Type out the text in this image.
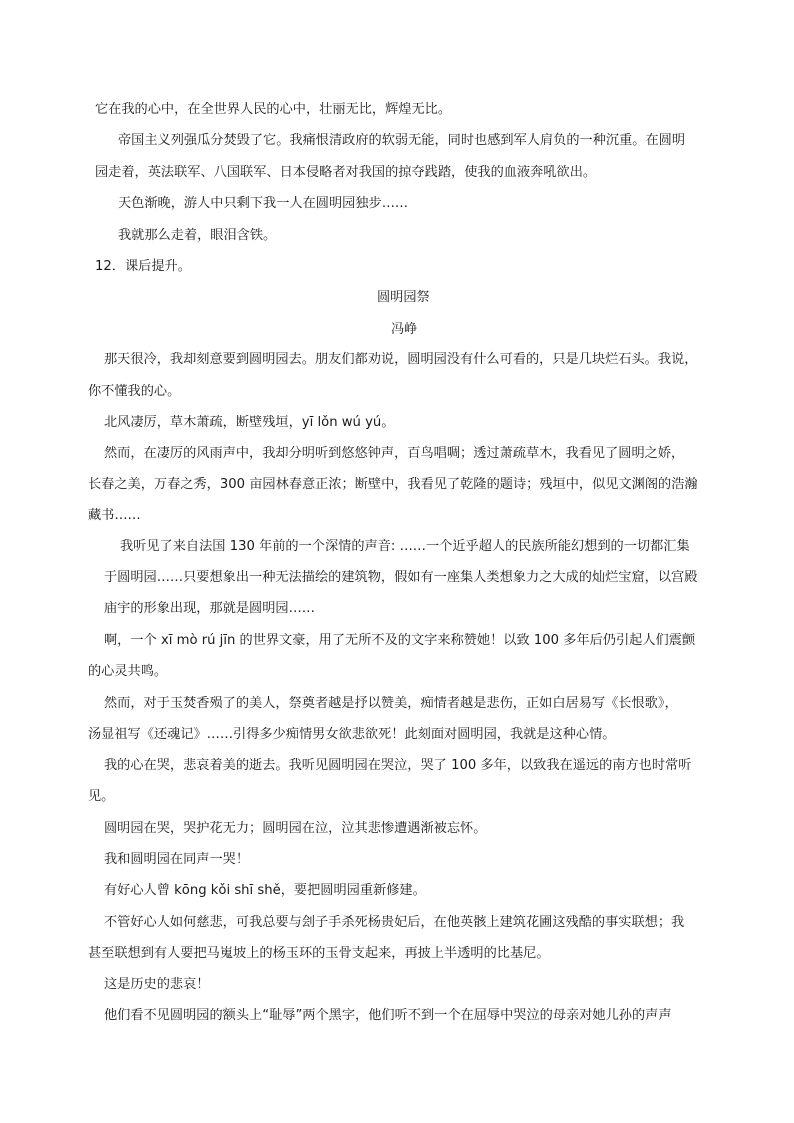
它在我的心中，在全世界人民的心中，壮丽无比，辉煌无比。
帝国主义列强瓜分焚毁了它。我痛恨清政府的软弱无能，同时也感到军人肩负的一种沉重。在圆明
园走着，英法联军、八国联军、日本侵略者对我国的掠夺践踏，使我的血液奔吼欲出。
天色渐晚，游人中只剩下我一人在圆明园独步……
我就那么走着，眼泪含铁。
12．课后提升。
圆明园祭
冯峥
那天很冷，我却刻意要到圆明园去。朋友们都劝说，圆明园没有什么可看的，只是几块烂石头。我说，
你不懂我的心。
北风凄厉，草木萧疏，断壁残垣，yī lǒn wú yú。
然而，在凄厉的风雨声中，我却分明听到悠悠钟声，百鸟唱啁；透过萧疏草木，我看见了圆明之娇，
长春之美，万春之秀，300 亩园林春意正浓；断壁中，我看见了乾隆的题诗；残垣中，似见文渊阁的浩瀚
藏书……
我听见了来自法国 130 年前的一个深情的声音: ……一个近乎超人的民族所能幻想到的一切都汇集
于圆明园……只要想象出一种无法描绘的建筑物，假如有一座集人类想象力之大成的灿烂宝窟，以宫殿
庙宇的形象出现，那就是圆明园……
啊，一个 xī mò rú jīn 的世界文豪，用了无所不及的文字来称赞她！以致 100 多年后仍引起人们震颤
的心灵共鸣。
然而，对于玉焚香殒了的美人，祭奠者越是抒以赞美，痴情者越是悲伤，正如白居易写《长恨歌》，
汤显祖写《还魂记》……引得多少痴情男女欲悲欲死！此刻面对圆明园，我就是这种心情。
我的心在哭，悲哀着美的逝去。我听见圆明园在哭泣，哭了 100 多年，以致我在遥远的南方也时常听
见。
圆明园在哭，哭护花无力；圆明园在泣，泣其悲惨遭遇渐被忘怀。
我和圆明园在同声一哭！
有好心人曾 kōng kǒi shī shě，要把圆明园重新修建。
不管好心人如何慈悲，可我总要与刽子手杀死杨贵妃后，在他英骸上建筑花圃这残酷的事实联想；我
甚至联想到有人要把马嵬坡上的杨玉环的玉骨支起来，再披上半透明的比基尼。
这是历史的悲哀！
他们看不见圆明园的额头上“耻辱”两个黑字，他们听不到一个在屈辱中哭泣的母亲对她儿孙的声声
